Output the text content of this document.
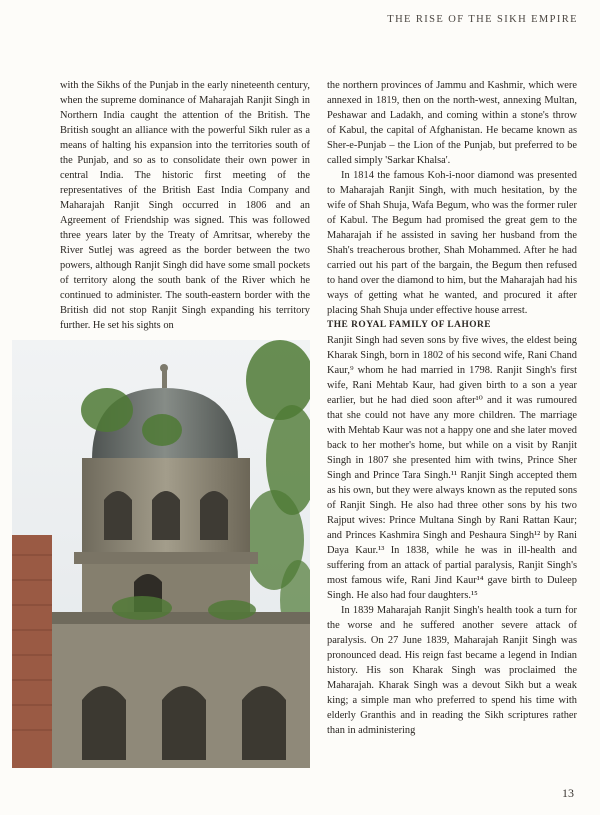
THE RISE OF THE SIKH EMPIRE

with the Sikhs of the Punjab in the early nineteenth century, when the supreme dominance of Maharajah Ranjit Singh in Northern India caught the attention of the British. The British sought an alliance with the powerful Sikh ruler as a means of halting his expansion into the territories south of the Punjab, and so as to consolidate their own power in central India. The historic first meeting of the representatives of the British East India Company and Maharajah Ranjit Singh occurred in 1806 and an Agreement of Friendship was signed. This was followed three years later by the Treaty of Amritsar, whereby the River Sutlej was agreed as the border between the two powers, although Ranjit Singh did have some small pockets of territory along the south bank of the River which he continued to administer. The south-eastern border with the British did not stop Ranjit Singh expanding his territory further. He set his sights on

the northern provinces of Jammu and Kashmir, which were annexed in 1819, then on the north-west, annexing Multan, Peshawar and Ladakh, and coming within a stone's throw of Kabul, the capital of Afghanistan. He became known as Sher-e-Punjab – the Lion of the Punjab, but preferred to be called simply 'Sarkar Khalsa'.

In 1814 the famous Koh-i-noor diamond was presented to Maharajah Ranjit Singh, with much hesitation, by the wife of Shah Shuja, Wafa Begum, who was the former ruler of Kabul. The Begum had promised the great gem to the Maharajah if he assisted in saving her husband from the Shah's treacherous brother, Shah Mohammed. After he had carried out his part of the bargain, the Begum then refused to hand over the diamond to him, but the Maharajah had his ways of getting what he wanted, and procured it after placing Shah Shuja under effective house arrest.

THE ROYAL FAMILY OF LAHORE

Ranjit Singh had seven sons by five wives, the eldest being Kharak Singh, born in 1802 of his second wife, Rani Chand Kaur,⁹ whom he had married in 1798. Ranjit Singh's first wife, Rani Mehtab Kaur, had given birth to a son a year earlier, but he had died soon after¹⁰ and it was rumoured that she could not have any more children. The marriage with Mehtab Kaur was not a happy one and she later moved back to her mother's home, but while on a visit by Ranjit Singh in 1807 she presented him with twins, Prince Sher Singh and Prince Tara Singh.¹¹ Ranjit Singh accepted them as his own, but they were always known as the reputed sons of Ranjit Singh. He also had three other sons by his two Rajput wives: Prince Multana Singh by Rani Rattan Kaur; and Princes Kashmira Singh and Peshaura Singh¹² by Rani Daya Kaur.¹³ In 1838, while he was in ill-health and suffering from an attack of partial paralysis, Ranjit Singh's most famous wife, Rani Jind Kaur¹⁴ gave birth to Duleep Singh. He also had four daughters.¹⁵

In 1839 Maharajah Ranjit Singh's health took a turn for the worse and he suffered another severe attack of paralysis. On 27 June 1839, Maharajah Ranjit Singh was pronounced dead. His reign fast became a legend in Indian history. His son Kharak Singh was proclaimed the Maharajah. Kharak Singh was a devout Sikh but a weak king; a simple man who preferred to spend his time with elderly Granthis and in reading the Sikh scriptures rather than in administering

13
